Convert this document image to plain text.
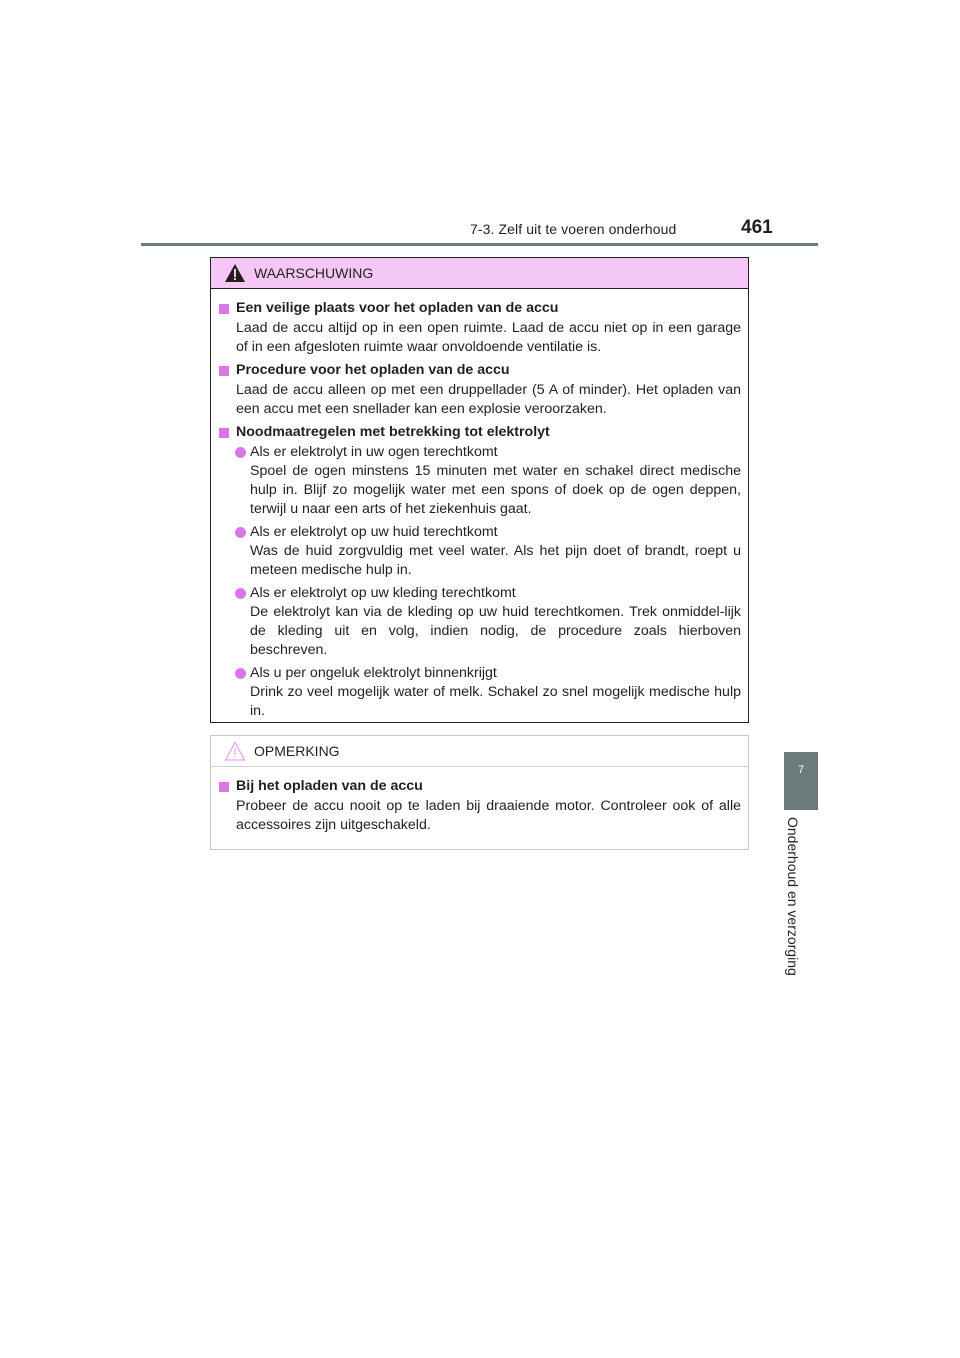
7-3. Zelf uit te voeren onderhoud	461
7
Onderhoud en verzorging
WAARSCHUWING
Een veilige plaats voor het opladen van de accu
Laad de accu altijd op in een open ruimte. Laad de accu niet op in een garage of in een afgesloten ruimte waar onvoldoende ventilatie is.
Procedure voor het opladen van de accu
Laad de accu alleen op met een druppellader (5 A of minder). Het opladen van een accu met een snellader kan een explosie veroorzaken.
Noodmaatregelen met betrekking tot elektrolyt
Als er elektrolyt in uw ogen terechtkomt
Spoel de ogen minstens 15 minuten met water en schakel direct medische hulp in. Blijf zo mogelijk water met een spons of doek op de ogen deppen, terwijl u naar een arts of het ziekenhuis gaat.
Als er elektrolyt op uw huid terechtkomt
Was de huid zorgvuldig met veel water. Als het pijn doet of brandt, roept u meteen medische hulp in.
Als er elektrolyt op uw kleding terechtkomt
De elektrolyt kan via de kleding op uw huid terechtkomen. Trek onmiddel-lijk de kleding uit en volg, indien nodig, de procedure zoals hierboven beschreven.
Als u per ongeluk elektrolyt binnenkrijgt
Drink zo veel mogelijk water of melk. Schakel zo snel mogelijk medische hulp in.
OPMERKING
Bij het opladen van de accu
Probeer de accu nooit op te laden bij draaiende motor. Controleer ook of alle accessoires zijn uitgeschakeld.
